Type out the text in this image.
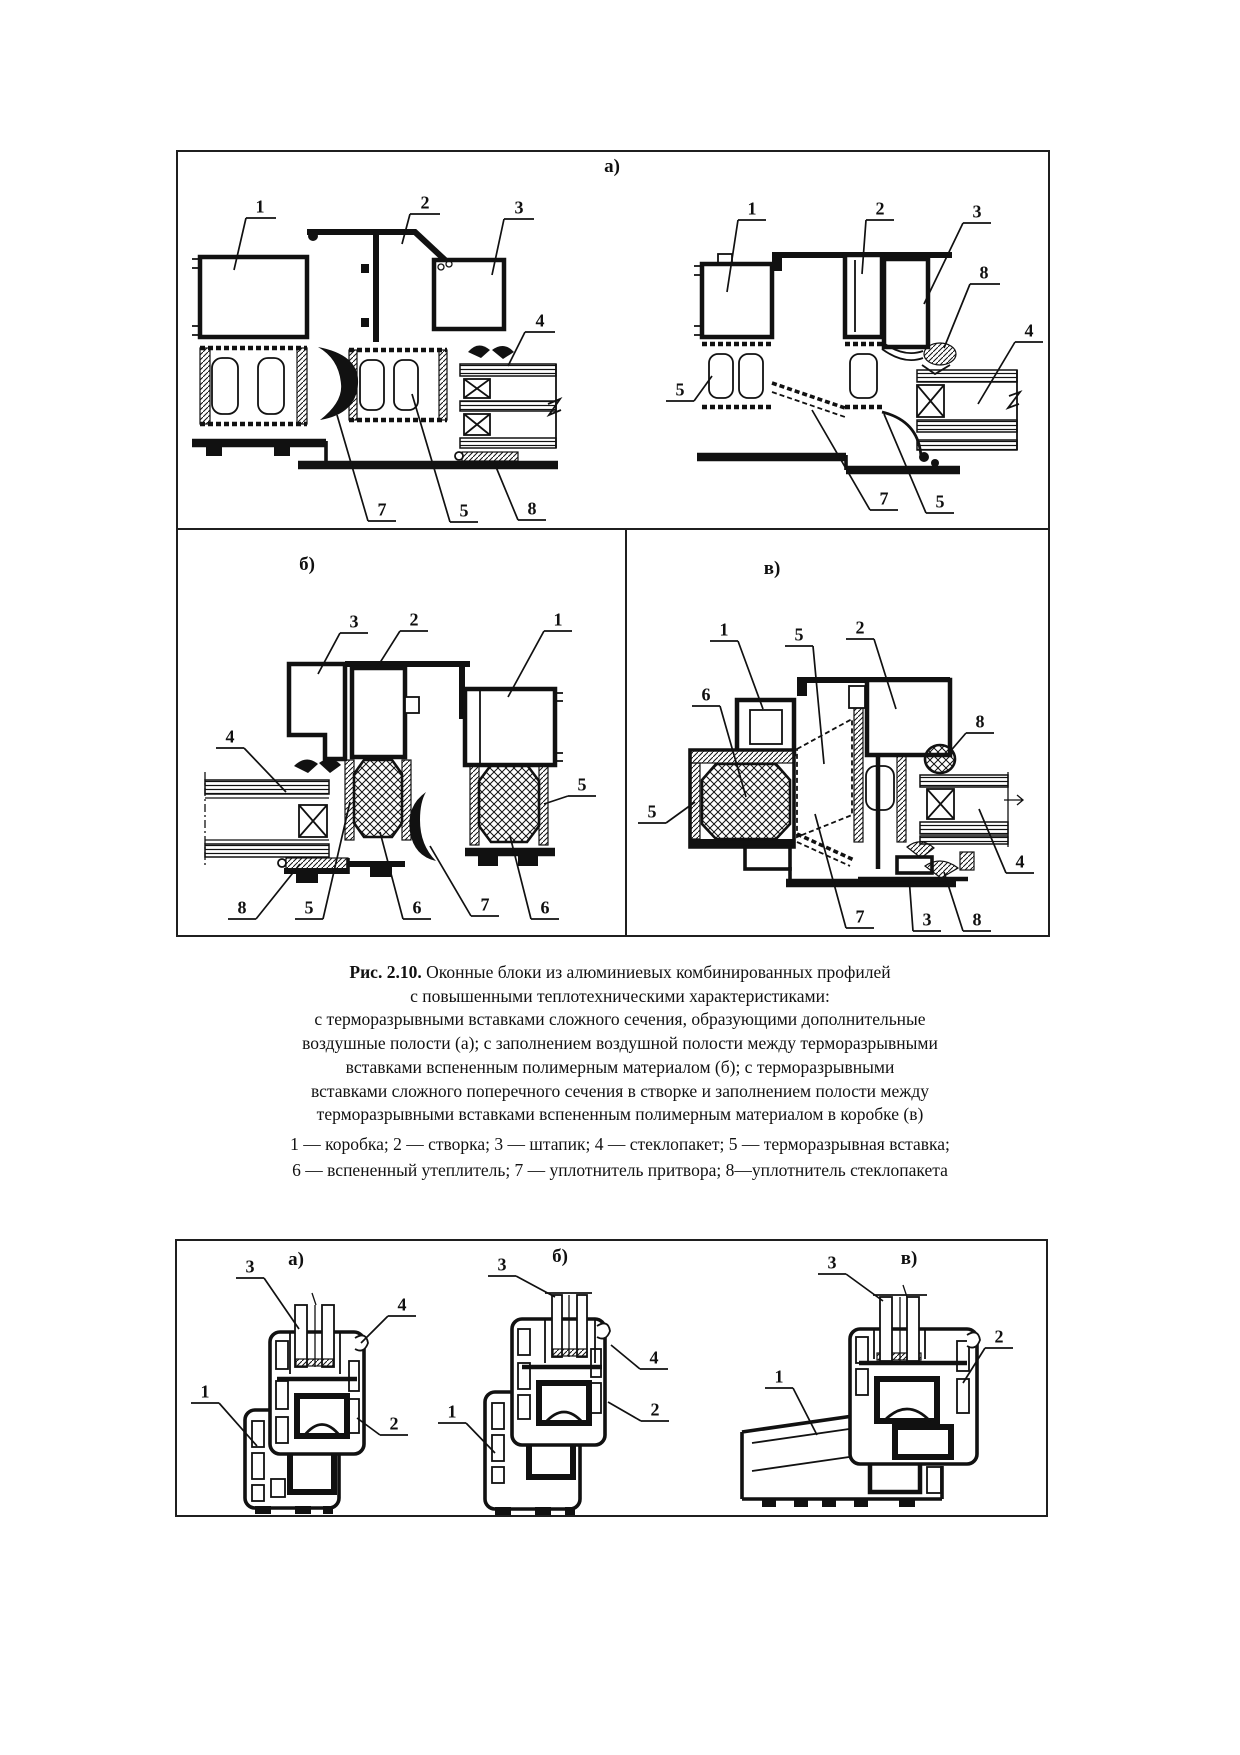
а)
б)	в)
1	2	3
4
7	5	8
1	2	3
8
4
5
7	5
3	2	1
4
5
8	5	6	7	6
1	5	2
6
8
5
4
7	3 8
Рис. 2.10. Оконные блоки из алюминиевых комбинированных профилей
с повышенными теплотехническими характеристиками:
с терморазрывными вставками сложного сечения, образующими дополнительные
воздушные полости (а); с заполнением воздушной полости между терморазрывными
вставками вспененным полимерным материалом (б); с терморазрывными
вставками сложного поперечного сечения в створке и заполнением полости между
терморазрывными вставками вспененным полимерным материалом в коробке (в)
1 — коробка; 2 — створка; 3 — штапик; 4 — стеклопакет; 5 — терморазрывная вставка;
6 — вспененный утеплитель; 7 — уплотнитель притвора; 8—уплотнитель стеклопакета
а)	б)	в)
3
4
1
2
3
4
1	2
3
1
2
